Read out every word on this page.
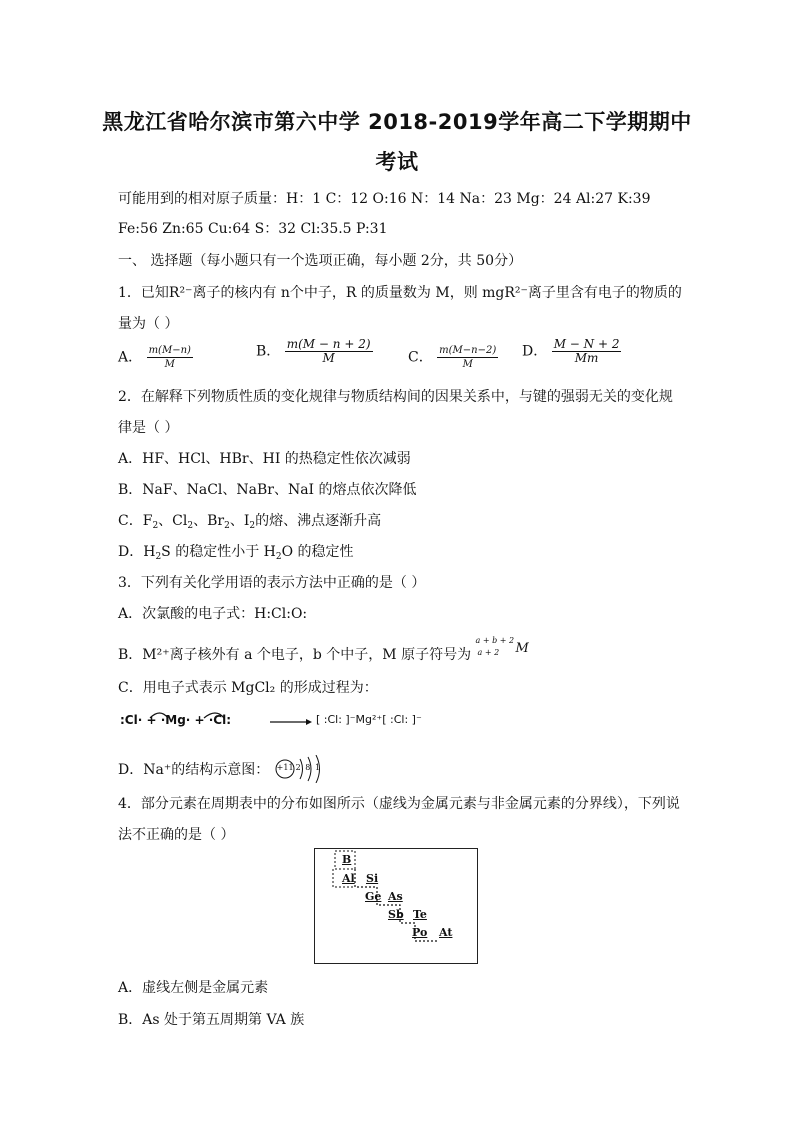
黑龙江省哈尔滨市第六中学 2018-2019学年高二下学期期中
考试
可能用到的相对原子质量：H：1 C：12 O:16 N：14 Na：23 Mg：24 Al:27 K:39
Fe:56 Zn:65 Cu:64 S：32 Cl:35.5 P:31
一、 选择题（每小题只有一个选项正确，每小题 2分，共 50分）
1．已知R²⁻离子的核内有 n个中子，R 的质量数为 M，则 mgR²⁻离子里含有电子的物质的
量为（ ）
A． $\frac{m(M-n)}{M}$	B． $\frac{m(M - n + 2)}{M}$	C． $\frac{m(M-n-2)}{M}$ D． $\frac{M - N + 2}{Mm}$
2．在解释下列物质性质的变化规律与物质结构间的因果关系中，与键的强弱无关的变化规
律是（ ）
A．HF、HCl、HBr、HI 的热稳定性依次减弱
B．NaF、NaCl、NaBr、NaI 的熔点依次降低
C．$F_2$、$Cl_2$、$Br_2$、$I_2$的熔、沸点逐渐升高
D．$H_2S$ 的稳定性小于 $H_2O$ 的稳定性
3．下列有关化学用语的表示方法中正确的是（ ）
A．次氯酸的电子式：H:Cl:O:
B．M²⁺离子核外有 a 个电子，b 个中子，M 原子符号为
a + b + 2
a + 2 M
C．用电子式表示 MgCl₂ 的形成过程为：
:Cl· + ·Mg· + ·Cl:	[ :Cl: ]⁻Mg²⁺[ :Cl: ]⁻
D．Na⁺的结构示意图： +11 2 8 1
4．部分元素在周期表中的分布如图所示（虚线为金属元素与非金属元素的分界线），下列说
法不正确的是（ ）
B
Al Si
Ge As
Sb Te
Po At
A．虚线左侧是金属元素
B．As 处于第五周期第 VA 族
